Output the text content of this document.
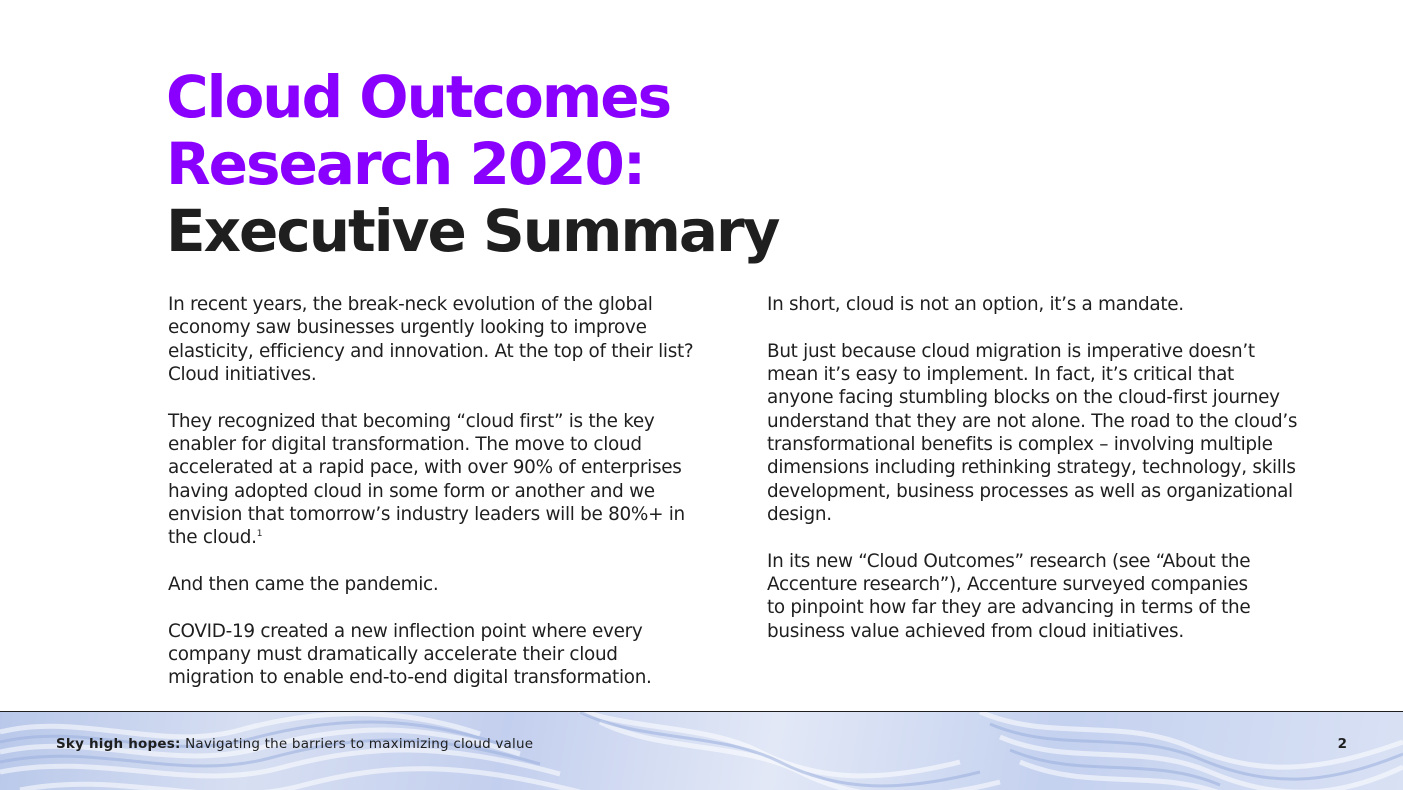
Cloud Outcomes
Research 2020:
Executive Summary

In recent years, the break-neck evolution of the global
economy saw businesses urgently looking to improve
elasticity, efficiency and innovation. At the top of their list?
Cloud initiatives.

They recognized that becoming “cloud first” is the key
enabler for digital transformation. The move to cloud
accelerated at a rapid pace, with over 90% of enterprises
having adopted cloud in some form or another and we
envision that tomorrow’s industry leaders will be 80%+ in
the cloud.$^1$

And then came the pandemic.

COVID-19 created a new inflection point where every
company must dramatically accelerate their cloud
migration to enable end-to-end digital transformation.

In short, cloud is not an option, it’s a mandate.

But just because cloud migration is imperative doesn’t
mean it’s easy to implement. In fact, it’s critical that
anyone facing stumbling blocks on the cloud-first journey
understand that they are not alone. The road to the cloud’s
transformational benefits is complex – involving multiple
dimensions including rethinking strategy, technology, skills
development, business processes as well as organizational
design.

In its new “Cloud Outcomes” research (see “About the
Accenture research”), Accenture surveyed companies
to pinpoint how far they are advancing in terms of the
business value achieved from cloud initiatives.

Sky high hopes: Navigating the barriers to maximizing cloud value	2
